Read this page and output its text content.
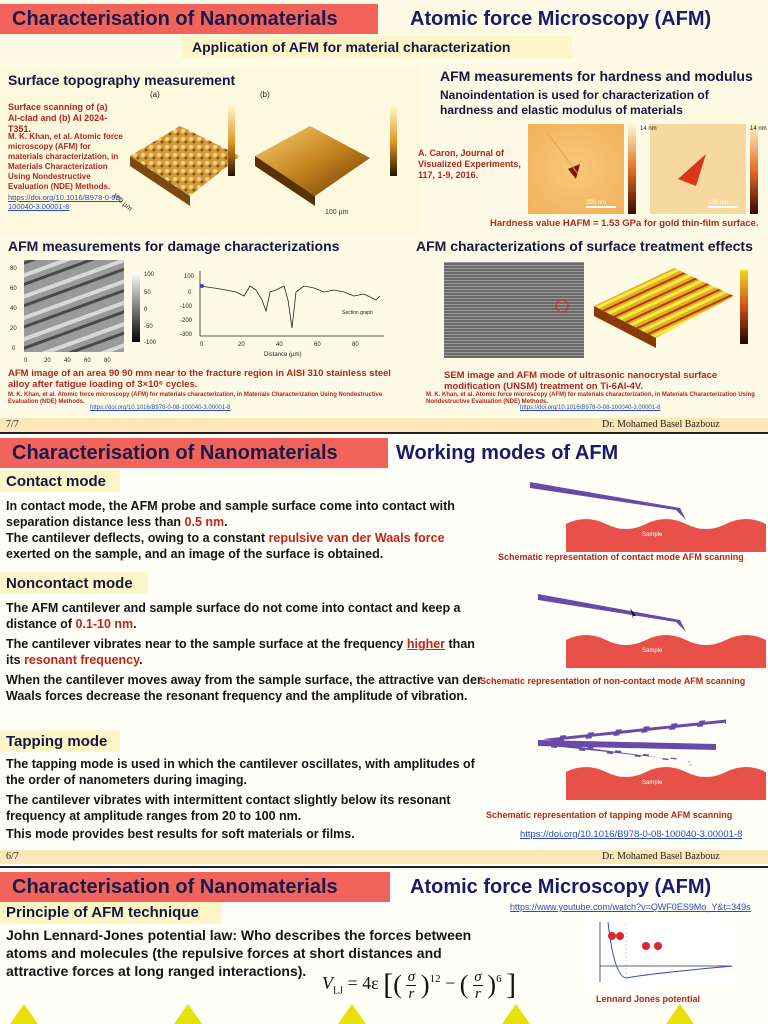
Characterisation of Nanomaterials	Atomic force Microscopy (AFM)
Application of AFM for material characterization
Surface topography measurement
Surface scanning of (a) Al-clad and (b) Al 2024-T351.
M. K. Khan, et al. Atomic force microscopy (AFM) for materials characterization, in Materials Characterization Using Nondestructive Evaluation (NDE) Methods.
https://doi.org/10.1016/B978-0-08-100040-3.00001-8
(a)	(b)
100 µm	100 µm
AFM measurements for hardness and modulus
Nanoindentation is used for characterization of hardness and elastic modulus of materials
A. Caron, Journal of Visualized Experiments, 117, 1-9, 2016.
200 nm	100 nm
14 nm	14 nm
Hardness value HAFM = 1.53 GPa for gold thin-film surface.
AFM measurements for damage characterizations
80
60
40
20
0
0	20 40 60 80
100
50
0
-50
-100
100
0
-100
-200
-300
0	20	40	60	80
Distance (µm)
Section graph
AFM image of an area 90 90 mm near to the fracture region in AISI 310 stainless steel alloy after fatigue loading of 3×10⁶ cycles.
M. K. Khan, et al. Atomic force microscopy (AFM) for materials characterization, in Materials Characterization Using Nondestructive Evaluation (NDE) Methods.
https://doi.org/10.1016/B978-0-08-100040-3.00001-8
AFM characterizations of surface treatment effects
SEM image and AFM mode of ultrasonic nanocrystal surface modification (UNSM) treatment on Ti-6Al-4V.
M. K. Khan, et al. Atomic force microscopy (AFM) for materials characterization, in Materials Characterization Using Nondestructive Evaluation (NDE) Methods.
https://doi.org/10.1016/B978-0-08-100040-3.00001-8
7/7	Dr. Mohamed Basel Bazbouz
Characterisation of Nanomaterials	Working modes of AFM
Contact mode
In contact mode, the AFM probe and sample surface come into contact with separation distance less than 0.5 nm.
The cantilever deflects, owing to a constant repulsive van der Waals force exerted on the sample, and an image of the surface is obtained.
Noncontact mode
The AFM cantilever and sample surface do not come into contact and keep a distance of 0.1-10 nm.
The cantilever vibrates near to the sample surface at the frequency higher than its resonant frequency.
When the cantilever moves away from the sample surface, the attractive van der Waals forces decrease the resonant frequency and the amplitude of vibration.
Tapping mode
The tapping mode is used in which the cantilever oscillates, with amplitudes of the order of nanometers during imaging.
The cantilever vibrates with intermittent contact slightly below its resonant frequency at amplitude ranges from 20 to 100 nm.
This mode provides best results for soft materials or films.
Sample
Schematic representation of contact mode AFM scanning
Sample
Schematic representation of non-contact mode AFM scanning
Sample
Schematic representation of tapping mode AFM scanning
https://doi.org/10.1016/B978-0-08-100040-3.00001-8
6/7	Dr. Mohamed Basel Bazbouz
Characterisation of Nanomaterials	Atomic force Microscopy (AFM)
Principle of AFM technique	https://www.youtube.com/watch?v=QWF0ES9Mo_Y&t=349s
John Lennard-Jones potential law: Who describes the forces between atoms and molecules (the repulsive forces at short distances and attractive forces at long ranged interactions).
$V_{LJ} = 4\varepsilon$ [( $\frac{\sigma}{r} )^{12}$ − ( $\frac{\sigma}{r} )^6$ ]	Lennard Jones potential
